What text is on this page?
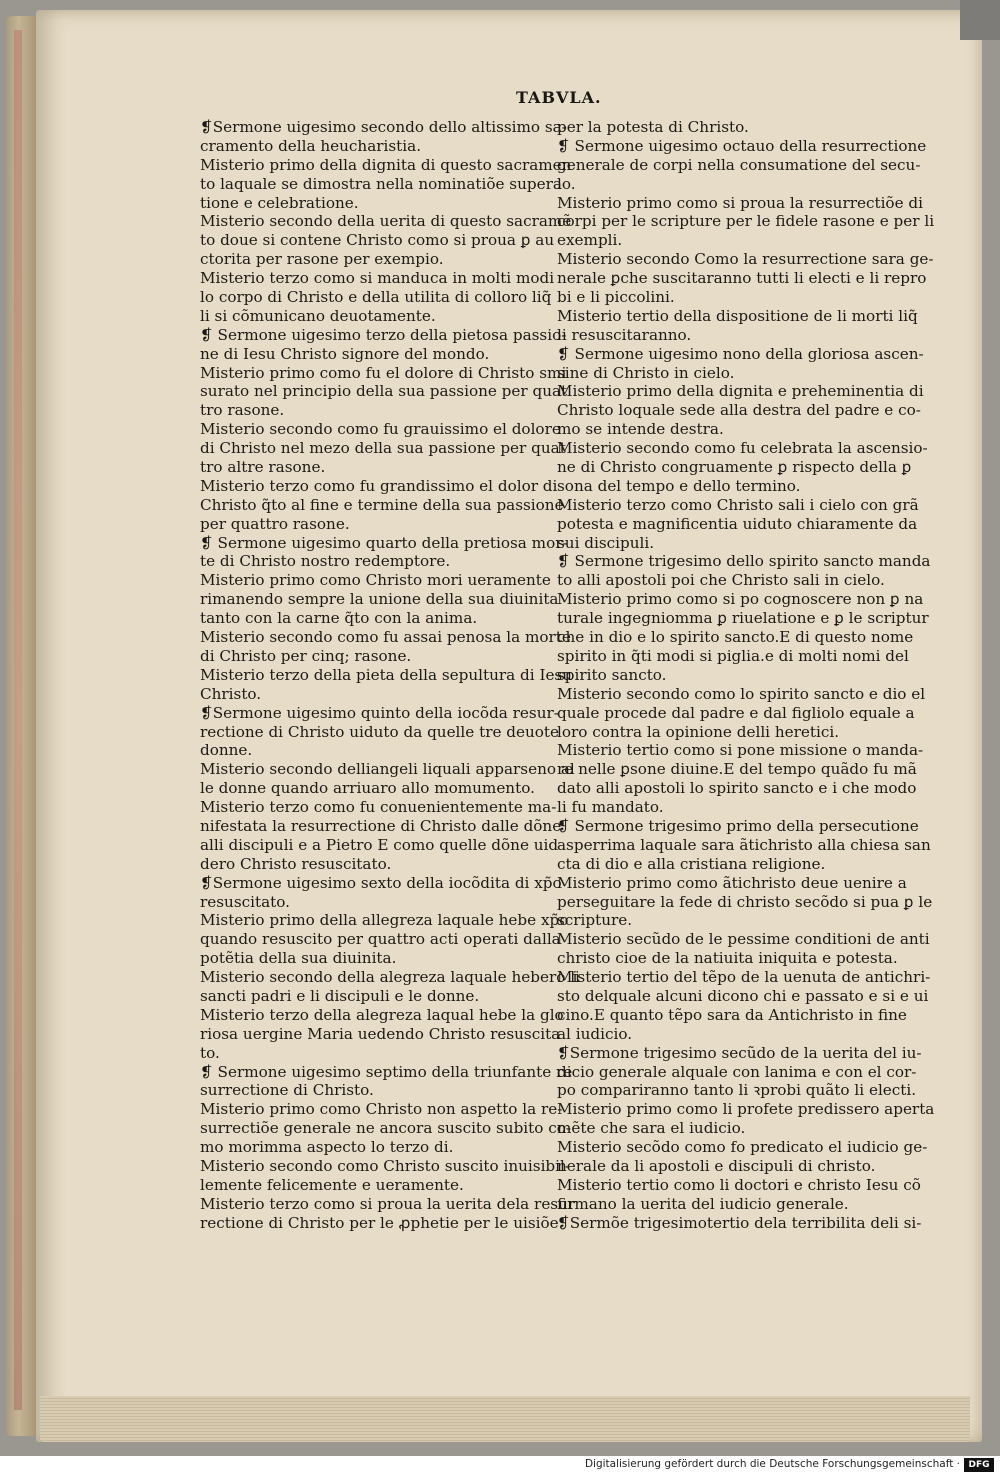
TABVLA.
❡Sermone uigesimo secondo dello altissimo sa-
cramento della heucharistia.
Misterio primo della dignita di questo sacramen
to laquale se dimostra nella nominatiõe supera
tione e celebratione.
Misterio secondo della uerita di questo sacramẽ
to doue si contene Christo como si proua ꝑ au
ctorita per rasone per exempio.
Misterio terzo como si manduca in molti modi
lo corpo di Christo e della utilita di colloro liq̃
li si cõmunicano deuotamente.
❡ Sermone uigesimo terzo della pietosa passio-
ne di Iesu Christo signore del mondo.
Misterio primo como fu el dolore di Christo smi
surato nel principio della sua passione per quat
tro rasone.
Misterio secondo como fu grauissimo el dolore
di Christo nel mezo della sua passione per quat
tro altre rasone.
Misterio terzo como fu grandissimo el dolor di
Christo q̃to al fine e termine della sua passione
per quattro rasone.
❡ Sermone uigesimo quarto della pretiosa mor-
te di Christo nostro redemptore.
Misterio primo como Christo mori ueramente
rimanendo sempre la unione della sua diuinita
tanto con la carne q̃to con la anima.
Misterio secondo como fu assai penosa la morte
di Christo per cinq; rasone.
Misterio terzo della pieta della sepultura di Iesu
Christo.
❡Sermone uigesimo quinto della iocõda resur-
rectione di Christo uiduto da quelle tre deuote
donne.
Misterio secondo delliangeli liquali apparseno al
le donne quando arriuaro allo momumento.
Misterio terzo como fu conuenientemente ma-
nifestata la resurrectione di Christo dalle dõne
alli discipuli e a Pietro E como quelle dõne uid
dero Christo resuscitato.
❡Sermone uigesimo sexto della iocõdita di xp̃o
resuscitato.
Misterio primo della allegreza laquale hebe xp̃o
quando resuscito per quattro acti operati dalla
potẽtia della sua diuinita.
Misterio secondo della alegreza laquale hebero li
sancti padri e li discipuli e le donne.
Misterio terzo della alegreza laqual hebe la glo
riosa uergine Maria uedendo Christo resuscita
to.
❡ Sermone uigesimo septimo della triunfante re
surrectione di Christo.
Misterio primo como Christo non aspetto la re-
surrectiõe generale ne ancora suscito subito co-
mo morimma aspecto lo terzo di.
Misterio secondo como Christo suscito inuisibil-
lemente felicemente e ueramente.
Misterio terzo como si proua la uerita dela resur
rectione di Christo per le ꝓphetie per le uisiõe
per la potesta di Christo.
❡ Sermone uigesimo octauo della resurrectione
generale de corpi nella consumatione del secu-
lo.
Misterio primo como si proua la resurrectiõe di
corpi per le scripture per le fidele rasone e per li
exempli.
Misterio secondo Como la resurrectione sara ge-
nerale ꝑche suscitaranno tutti li electi e li repro
bi e li piccolini.
Misterio tertio della dispositione de li morti liq̃
li resuscitaranno.
❡ Sermone uigesimo nono della gloriosa ascen-
sine di Christo in cielo.
Misterio primo della dignita e preheminentia di
Christo loquale sede alla destra del padre e co-
mo se intende destra.
Misterio secondo como fu celebrata la ascensio-
ne di Christo congruamente ꝑ rispecto della ꝑ
sona del tempo e dello termino.
Misterio terzo como Christo sali i cielo con grã
potesta e magnificentia uiduto chiaramente da
sui discipuli.
❡ Sermone trigesimo dello spirito sancto manda
to alli apostoli poi che Christo sali in cielo.
Misterio primo como si po cognoscere non ꝑ na
turale ingegniomma ꝑ riuelatione e ꝑ le scriptur
che in dio e lo spirito sancto.E di questo nome
spirito in q̃ti modi si piglia.e di molti nomi del
spirito sancto.
Misterio secondo como lo spirito sancto e dio el
quale procede dal padre e dal figliolo equale a
loro contra la opinione delli heretici.
Misterio tertio como si pone missione o manda-
re nelle ꝑsone diuine.E del tempo quãdo fu mã
dato alli apostoli lo spirito sancto e i che modo
li fu mandato.
❡ Sermone trigesimo primo della persecutione
asperrima laquale sara ãtichristo alla chiesa san
cta di dio e alla cristiana religione.
Misterio primo como ãtichristo deue uenire a
perseguitare la fede di christo secõdo si pua ꝑ le
scripture.
Misterio secũdo de le pessime conditioni de anti
christo cioe de la natiuita iniquita e potesta.
Misterio tertio del tẽpo de la uenuta de antichri-
sto delquale alcuni dicono chi e passato e si e ui
cino.E quanto tẽpo sara da Antichristo in fine
al iudicio.
❡Sermone trigesimo secũdo de la uerita del iu-
dicio generale alquale con lanima e con el cor-
po compariranno tanto li ꝛprobi quãto li electi.
Misterio primo como li profete predissero aperta
mẽte che sara el iudicio.
Misterio secõdo como fo predicato el iudicio ge-
nerale da li apostoli e discipuli di christo.
Misterio tertio como li doctori e christo Iesu cõ
firmano la uerita del iudicio generale.
❡Sermõe trigesimotertio dela terribilita deli si-
Digitalisierung gefördert durch die Deutsche Forschungsgemeinschaft · DFG
